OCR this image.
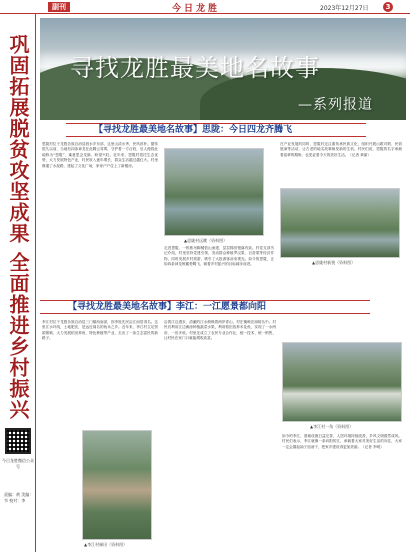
副刊	今日龙胜	2023年12月27日	3
巩固拓展脱贫攻坚成果 全面推进乡村振兴
今日龙胜微信公众号
责编：黄 美编：韦 校对：李
寻找龙胜最美地名故事
—系列报道
【寻找龙胜最美地名故事】思陇：今日四龙齐腾飞
思陇村位于龙胜各族自治县泗水乡东部，这里山清水秀，民风淳朴。据传很久以前，当地有四条神龙在此腾云驾雾，守护着一方百姓，后人便将此地称为“思陇”，寓意思念龙脉、盼望兴旺。近年来，思陇村依托生态优势，大力发展特色产业，村民收入逐年增长，群众生活越过越红火。村里修通了水泥路，建起了文化广场，家家户户住上了新楼房。
▲思陇村远眺（资料图）
走进思陇，一栋栋吊脚楼依山而建，层层梯田错落有致。村党支部书记介绍，村里坚持党建引领，发动群众种植罗汉果、百香果等经济作物，同时发展乡村旅游，吸引了大批游客前来观光。如今的思陇，正如四条神龙般蓄势腾飞，朝着乡村振兴的目标阔步前进。
在产业发展的同时，思陇村还注重传承民族文化，组织开展山歌对唱、民俗展演等活动，让古老的地名故事焕发新的生机。村民们说，思陇的名字承载着祖辈的期盼，也见证着今天的美好生活。（记者 黄丽）
▲思陇村新貌（资料图）
【寻找龙胜最美地名故事】李江：一江愿景都向阳
李江村位于龙胜各族自治县三门镇西南部，因李姓先民沿江而居得名。这里江水环绕，土地肥沃，是远近闻名的鱼米之乡。近年来，李江村立足资源禀赋，大力发展稻田养鱼、特色种植等产业，走出了一条生态富民的新路子。
沿着江边漫步，清澈的江水倒映着两岸青山，村庄掩映在绿树丛中。村民们利用江边滩涂种植蔬菜水果，利用稻田放养禾花鱼，实现了一水两用、一田多收。村里还成立了农民专业合作社，统一技术、统一销售，让村民在家门口就能增收致富。
▲李江村一角（资料图）
如今的李江，基础设施日益完善，人居环境持续改善，乡风文明蔚然成风。村民们表示，李江就像一条向阳的江，承载着大家对美好生活的向往，大家一定会撸起袖子加油干，把家乡建设得更加美丽。（记者 李明）
▲李江村梯田（资料图）
